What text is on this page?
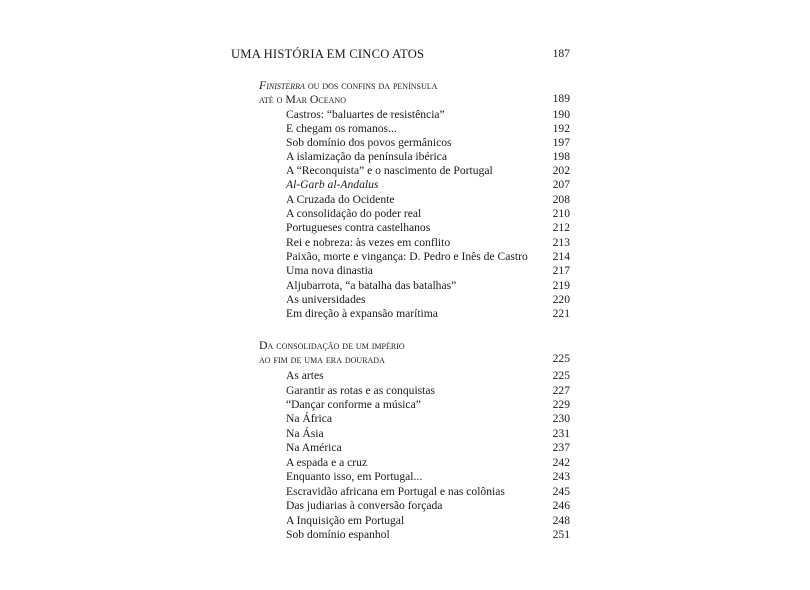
UMA HISTÓRIA EM CINCO ATOS	187
Finisterra ou dos confins da península
até o Mar Oceano	189
Castros: “baluartes de resistência”	190
E chegam os romanos...	192
Sob domínio dos povos germânicos	197
A islamização da península ibérica	198
A “Reconquista” e o nascimento de Portugal	202
Al-Garb al-Andalus	207
A Cruzada do Ocidente	208
A consolidação do poder real	210
Portugueses contra castelhanos	212
Rei e nobreza: às vezes em conflito	213
Paixão, morte e vingança: D. Pedro e Inês de Castro	214
Uma nova dinastia	217
Aljubarrota, “a batalha das batalhas”	219
As universidades	220
Em direção à expansão marítima	221
Da consolidação de um império
ao fim de uma era dourada	225
As artes	225
Garantir as rotas e as conquistas	227
“Dançar conforme a música”	229
Na África	230
Na Ásia	231
Na América	237
A espada e a cruz	242
Enquanto isso, em Portugal...	243
Escravidão africana em Portugal e nas colônias	245
Das judiarias à conversão forçada	246
A Inquisição em Portugal	248
Sob domínio espanhol	251
